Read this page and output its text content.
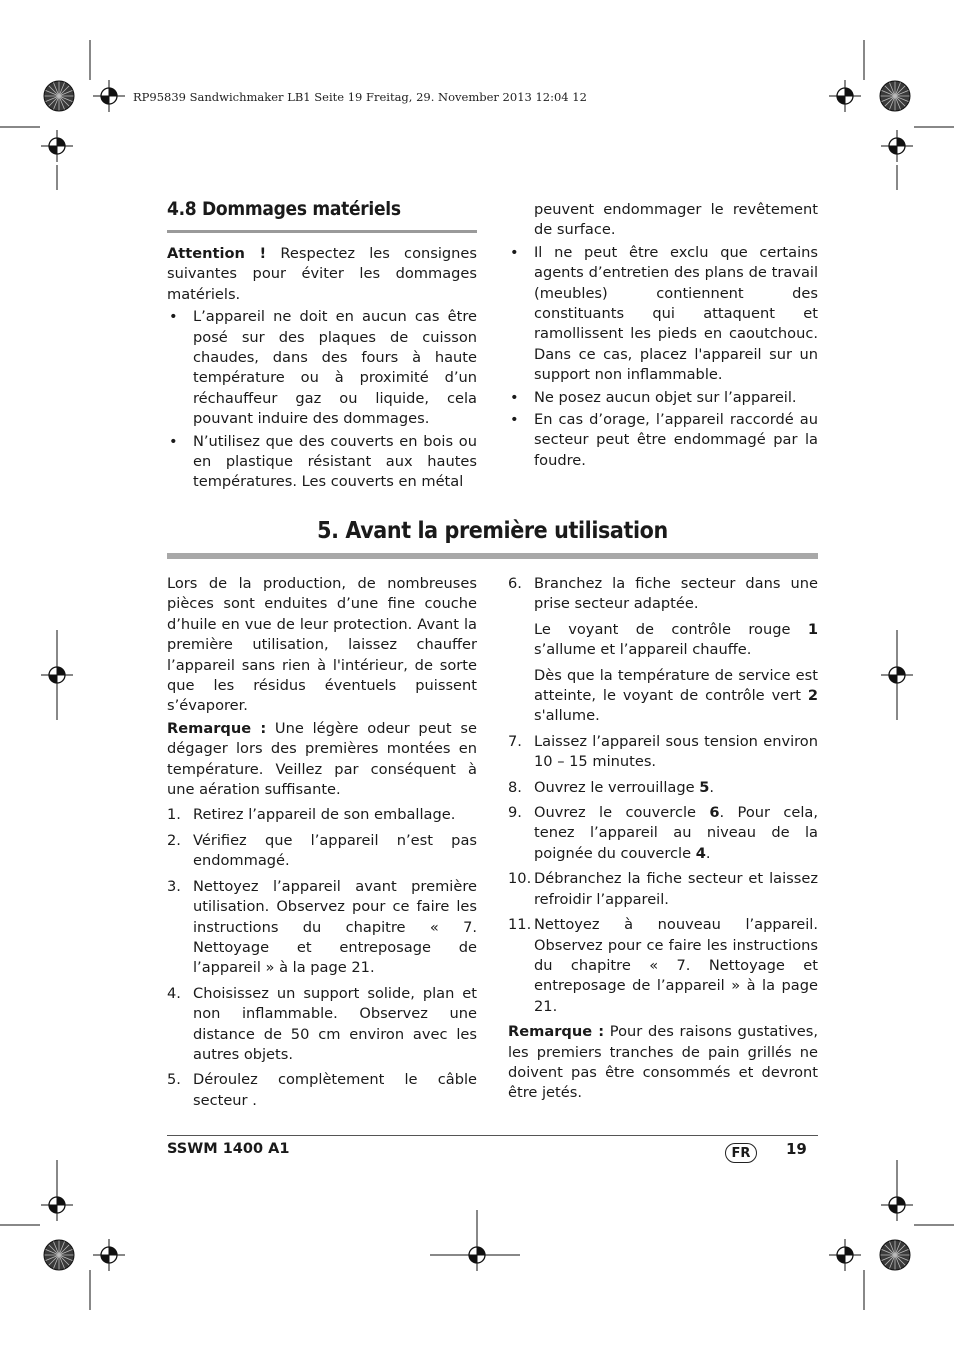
RP95839 Sandwichmaker LB1 Seite 19 Freitag, 29. November 2013 12:04 12
4.8 Dommages matériels

Attention ! Respectez les consignes suivantes pour éviter les dommages matériels.

• L’appareil ne doit en aucun cas être posé sur des plaques de cuisson chaudes, dans des fours à haute température ou à proximité d’un réchauffeur gaz ou liquide, cela pouvant induire des dommages.
• N’utilisez que des couverts en bois ou en plastique résistant aux hautes températures. Les couverts en métal

peuvent endommager le revêtement de surface.

• Il ne peut être exclu que certains agents d’entretien des plans de travail (meubles) contiennent des constituants qui attaquent et ramollissent les pieds en caoutchouc. Dans ce cas, placez l'appareil sur un support non inflammable.
• Ne posez aucun objet sur l’appareil.
• En cas d’orage, l’appareil raccordé au secteur peut être endommagé par la foudre.
5. Avant la première utilisation

Lors de la production, de nombreuses pièces sont enduites d’une fine couche d’huile en vue de leur protection. Avant la première utilisation, laissez chauffer l’appareil sans rien à l'intérieur, de sorte que les résidus éventuels puissent s’évaporer.

Remarque : Une légère odeur peut se dégager lors des premières montées en température. Veillez par conséquent à une aération suffisante.

1. Retirez l’appareil de son emballage.
2. Vérifiez que l’appareil n’est pas endommagé.
3. Nettoyez l’appareil avant première utilisation. Observez pour ce faire les instructions du chapitre « 7. Nettoyage et entreposage de l’appareil » à la page 21.
4. Choisissez un support solide, plan et non inflammable. Observez une distance de 50 cm environ avec les autres objets.
5. Déroulez complètement le câble secteur .
6. Branchez la fiche secteur dans une prise secteur adaptée.
Le voyant de contrôle rouge 1 s’allume et l’appareil chauffe.
Dès que la température de service est atteinte, le voyant de contrôle vert 2 s'allume.
7. Laissez l’appareil sous tension environ 10 – 15 minutes.
8. Ouvrez le verrouillage 5.
9. Ouvrez le couvercle 6. Pour cela, tenez l’appareil au niveau de la poignée du couvercle 4.
10. Débranchez la fiche secteur et laissez refroidir l’appareil.
11. Nettoyez à nouveau l’appareil. Observez pour ce faire les instructions du chapitre « 7. Nettoyage et entreposage de l’appareil » à la page 21.

Remarque : Pour des raisons gustatives, les premiers tranches de pain grillés ne doivent pas être consommés et devront être jetés.

SSWM 1400 A1	FR	19
